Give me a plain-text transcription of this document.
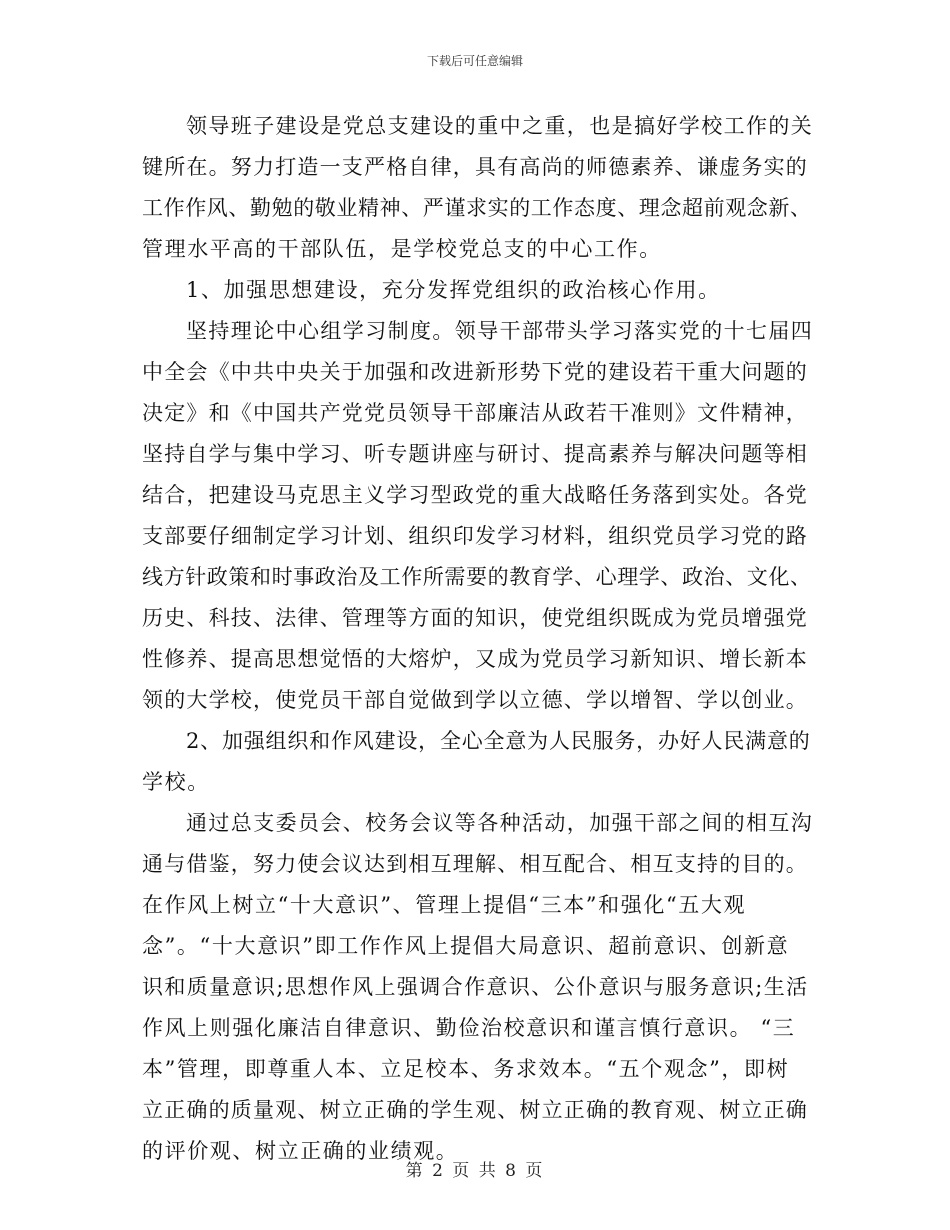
下载后可任意编辑
领导班子建设是党总支建设的重中之重，也是搞好学校工作的关
键所在。努力打造一支严格自律，具有高尚的师德素养、谦虚务实的
工作作风、勤勉的敬业精神、严谨求实的工作态度、理念超前观念新、
管理水平高的干部队伍，是学校党总支的中心工作。
1、加强思想建设，充分发挥党组织的政治核心作用。
坚持理论中心组学习制度。领导干部带头学习落实党的十七届四
中全会《中共中央关于加强和改进新形势下党的建设若干重大问题的
决定》和《中国共产党党员领导干部廉洁从政若干准则》文件精神，
坚持自学与集中学习、听专题讲座与研讨、提高素养与解决问题等相
结合，把建设马克思主义学习型政党的重大战略任务落到实处。各党
支部要仔细制定学习计划、组织印发学习材料，组织党员学习党的路
线方针政策和时事政治及工作所需要的教育学、心理学、政治、文化、
历史、科技、法律、管理等方面的知识，使党组织既成为党员增强党
性修养、提高思想觉悟的大熔炉，又成为党员学习新知识、增长新本
领的大学校，使党员干部自觉做到学以立德、学以增智、学以创业。
2、加强组织和作风建设，全心全意为人民服务，办好人民满意的
学校。
通过总支委员会、校务会议等各种活动，加强干部之间的相互沟
通与借鉴，努力使会议达到相互理解、相互配合、相互支持的目的。
在作风上树立“十大意识”、管理上提倡“三本”和强化“五大观
念”。“十大意识”即工作作风上提倡大局意识、超前意识、创新意
识和质量意识;思想作风上强调合作意识、公仆意识与服务意识;生活
作风上则强化廉洁自律意识、勤俭治校意识和谨言慎行意识。 “三
本”管理，即尊重人本、立足校本、务求效本。“五个观念”，即树
立正确的质量观、树立正确的学生观、树立正确的教育观、树立正确
的评价观、树立正确的业绩观。
第 2 页 共 8 页
